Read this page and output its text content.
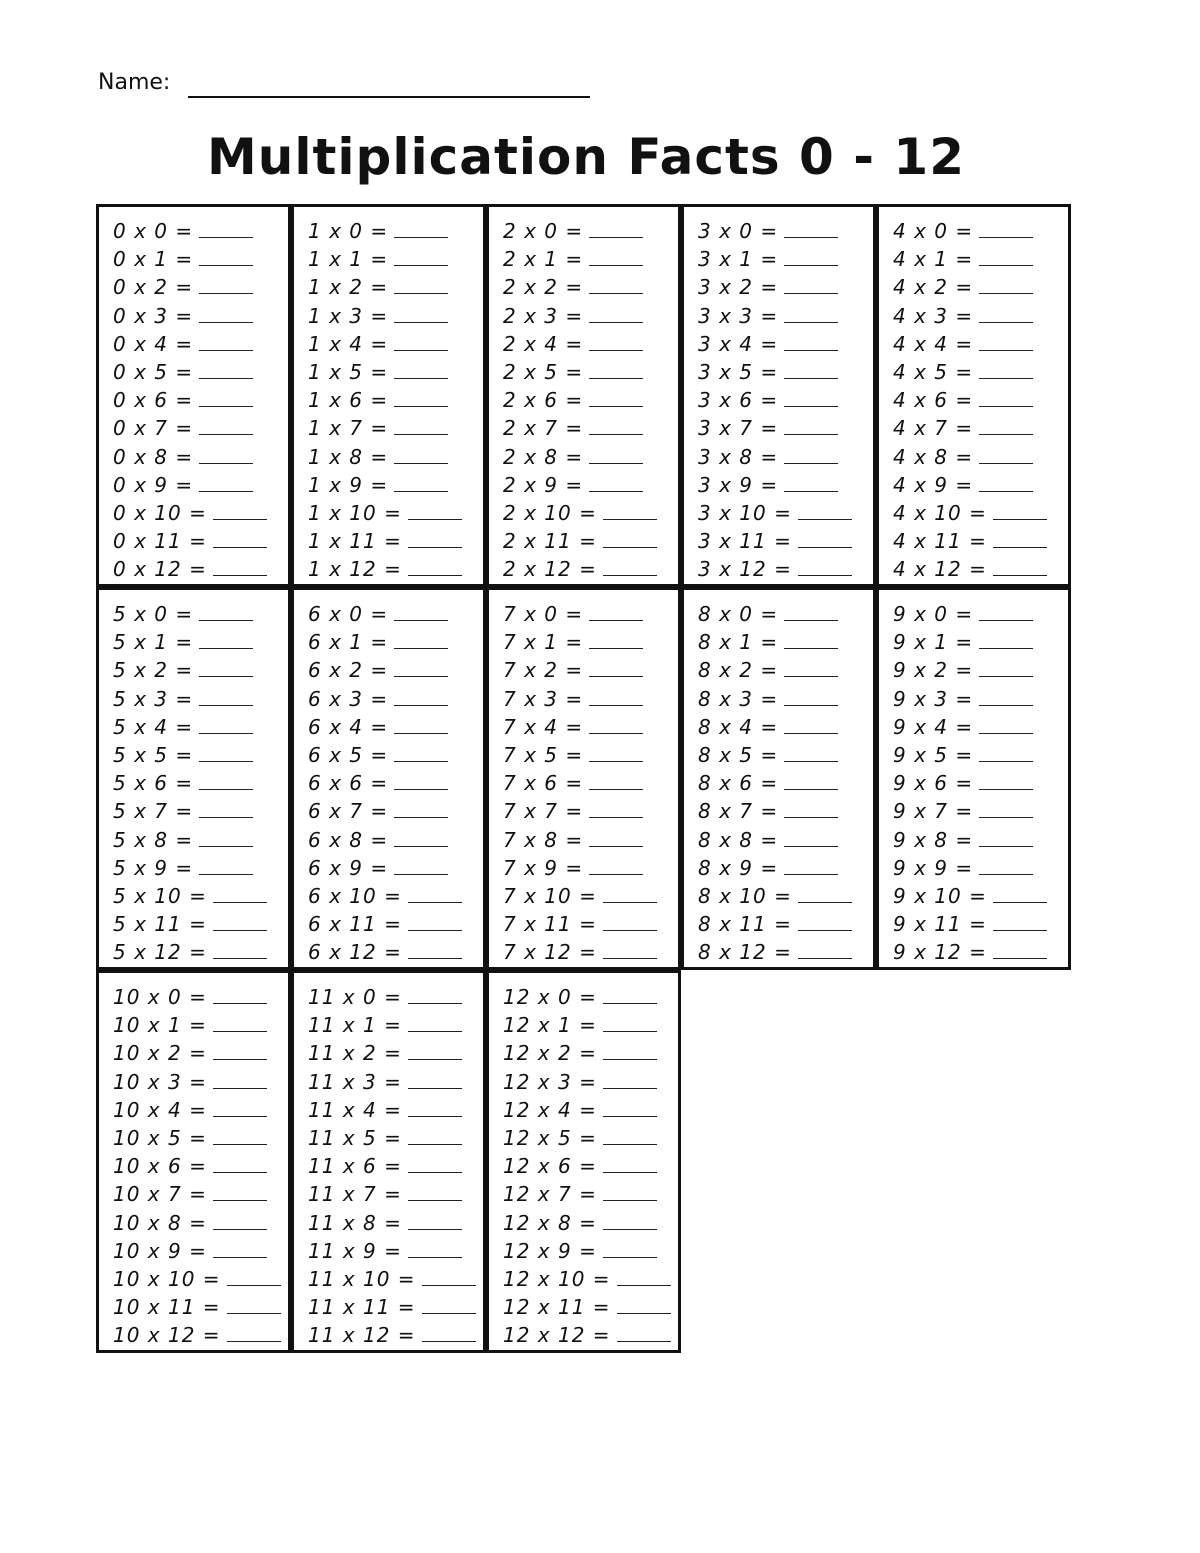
Name:
Multiplication Facts 0 - 12
0 x 0 =
0 x 1 =
0 x 2 =
0 x 3 =
0 x 4 =
0 x 5 =
0 x 6 =
0 x 7 =
0 x 8 =
0 x 9 =
0 x 10 =
0 x 11 =
0 x 12 =
1 x 0 =
1 x 1 =
1 x 2 =
1 x 3 =
1 x 4 =
1 x 5 =
1 x 6 =
1 x 7 =
1 x 8 =
1 x 9 =
1 x 10 =
1 x 11 =
1 x 12 =
2 x 0 =
2 x 1 =
2 x 2 =
2 x 3 =
2 x 4 =
2 x 5 =
2 x 6 =
2 x 7 =
2 x 8 =
2 x 9 =
2 x 10 =
2 x 11 =
2 x 12 =
3 x 0 =
3 x 1 =
3 x 2 =
3 x 3 =
3 x 4 =
3 x 5 =
3 x 6 =
3 x 7 =
3 x 8 =
3 x 9 =
3 x 10 =
3 x 11 =
3 x 12 =
4 x 0 =
4 x 1 =
4 x 2 =
4 x 3 =
4 x 4 =
4 x 5 =
4 x 6 =
4 x 7 =
4 x 8 =
4 x 9 =
4 x 10 =
4 x 11 =
4 x 12 =
5 x 0 =
5 x 1 =
5 x 2 =
5 x 3 =
5 x 4 =
5 x 5 =
5 x 6 =
5 x 7 =
5 x 8 =
5 x 9 =
5 x 10 =
5 x 11 =
5 x 12 =
6 x 0 =
6 x 1 =
6 x 2 =
6 x 3 =
6 x 4 =
6 x 5 =
6 x 6 =
6 x 7 =
6 x 8 =
6 x 9 =
6 x 10 =
6 x 11 =
6 x 12 =
7 x 0 =
7 x 1 =
7 x 2 =
7 x 3 =
7 x 4 =
7 x 5 =
7 x 6 =
7 x 7 =
7 x 8 =
7 x 9 =
7 x 10 =
7 x 11 =
7 x 12 =
8 x 0 =
8 x 1 =
8 x 2 =
8 x 3 =
8 x 4 =
8 x 5 =
8 x 6 =
8 x 7 =
8 x 8 =
8 x 9 =
8 x 10 =
8 x 11 =
8 x 12 =
9 x 0 =
9 x 1 =
9 x 2 =
9 x 3 =
9 x 4 =
9 x 5 =
9 x 6 =
9 x 7 =
9 x 8 =
9 x 9 =
9 x 10 =
9 x 11 =
9 x 12 =
10 x 0 =
10 x 1 =
10 x 2 =
10 x 3 =
10 x 4 =
10 x 5 =
10 x 6 =
10 x 7 =
10 x 8 =
10 x 9 =
10 x 10 =
10 x 11 =
10 x 12 =
11 x 0 =
11 x 1 =
11 x 2 =
11 x 3 =
11 x 4 =
11 x 5 =
11 x 6 =
11 x 7 =
11 x 8 =
11 x 9 =
11 x 10 =
11 x 11 =
11 x 12 =
12 x 0 =
12 x 1 =
12 x 2 =
12 x 3 =
12 x 4 =
12 x 5 =
12 x 6 =
12 x 7 =
12 x 8 =
12 x 9 =
12 x 10 =
12 x 11 =
12 x 12 =
